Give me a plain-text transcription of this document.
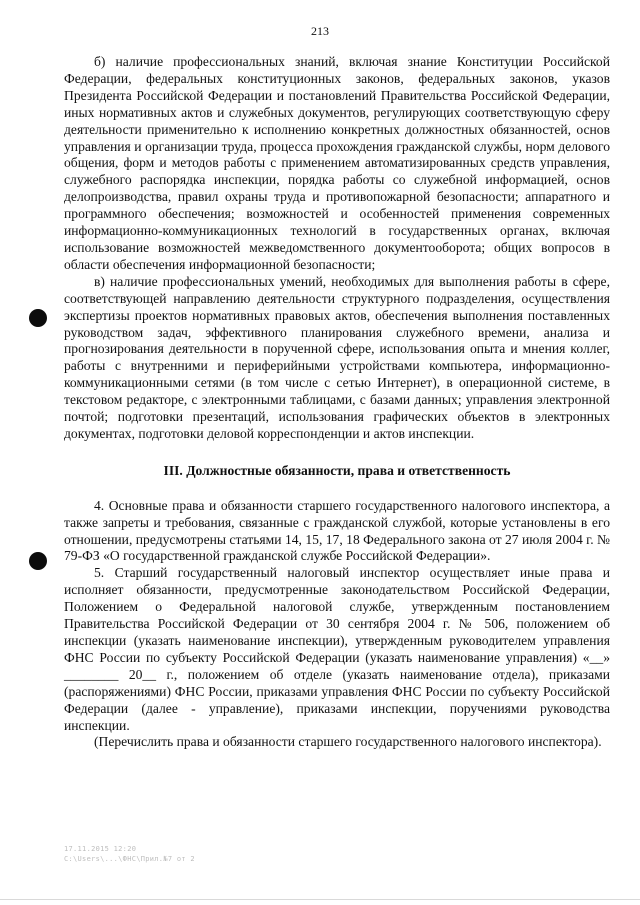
213

б) наличие профессиональных знаний, включая знание Конституции Российской Федерации, федеральных конституционных законов, федеральных законов, указов Президента Российской Федерации и постановлений Правительства Российской Федерации, иных нормативных актов и служебных документов, регулирующих соответствующую сферу деятельности применительно к исполнению конкретных должностных обязанностей, основ управления и организации труда, процесса прохождения гражданской службы, норм делового общения, форм и методов работы с применением автоматизированных средств управления, служебного распорядка инспекции, порядка работы со служебной информацией, основ делопроизводства, правил охраны труда и противопожарной безопасности; аппаратного и программного обеспечения; возможностей и особенностей применения современных информационно-коммуникационных технологий в государственных органах, включая использование возможностей межведомственного документооборота; общих вопросов в области обеспечения информационной безопасности;

в) наличие профессиональных умений, необходимых для выполнения работы в сфере, соответствующей направлению деятельности структурного подразделения, осуществления экспертизы проектов нормативных правовых актов, обеспечения выполнения поставленных руководством задач, эффективного планирования служебного времени, анализа и прогнозирования деятельности в порученной сфере, использования опыта и мнения коллег, работы с внутренними и периферийными устройствами компьютера, информационно-коммуникационными сетями (в том числе с сетью Интернет), в операционной системе, в текстовом редакторе, с электронными таблицами, с базами данных; управления электронной почтой; подготовки презентаций, использования графических объектов в электронных документах, подготовки деловой корреспонденции и актов инспекции.

III. Должностные обязанности, права и ответственность

4. Основные права и обязанности старшего государственного налогового инспектора, а также запреты и требования, связанные с гражданской службой, которые установлены в его отношении, предусмотрены статьями 14, 15, 17, 18 Федерального закона от 27 июля 2004 г. № 79-ФЗ «О государственной гражданской службе Российской Федерации».

5. Старший государственный налоговый инспектор осуществляет иные права и исполняет обязанности, предусмотренные законодательством Российской Федерации, Положением о Федеральной налоговой службе, утвержденным постановлением Правительства Российской Федерации от 30 сентября 2004 г. № 506, положением об инспекции (указать наименование инспекции), утвержденным руководителем управления ФНС России по субъекту Российской Федерации (указать наименование управления) «__» ________ 20__ г., положением об отделе (указать наименование отдела), приказами (распоряжениями) ФНС России, приказами управления ФНС России по субъекту Российской Федерации (далее - управление), приказами инспекции, поручениями руководства инспекции.

(Перечислить права и обязанности старшего государственного налогового инспектора).

17.11.2015 12:20
С:\Users\...\ФНС\Прил.№7 от 2
